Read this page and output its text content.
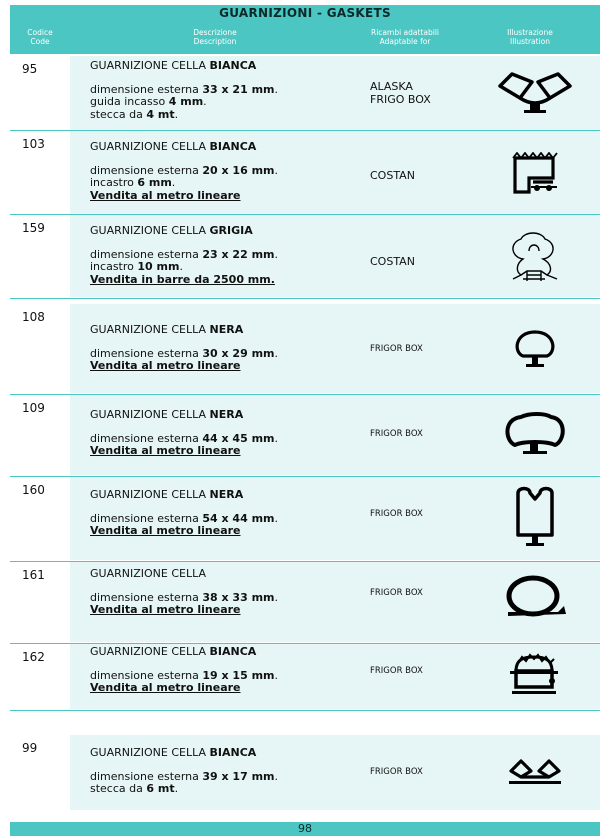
GUARNIZIONI - GASKETS
Codice
Code
Descrizione
Description
Ricambi adattabili
Adaptable for
Illustrazione
Illustration
95	GUARNIZIONE CELLA BIANCA
dimensione esterna 33 x 21 mm.
guida incasso 4 mm.
stecca da 4 mt.
ALASKA
FRIGO BOX
103	GUARNIZIONE CELLA BIANCA
dimensione esterna 20 x 16 mm.
incastro 6 mm.
Vendita al metro lineare
COSTAN
159	GUARNIZIONE CELLA GRIGIA
dimensione esterna 23 x 22 mm.
incastro 10 mm.
Vendita in barre da 2500 mm.
COSTAN
108
GUARNIZIONE CELLA NERA
dimensione esterna 30 x 29 mm.
Vendita al metro lineare
FRIGOR BOX
109	GUARNIZIONE CELLA NERA
dimensione esterna 44 x 45 mm.
Vendita al metro lineare
FRIGOR BOX
160	GUARNIZIONE CELLA NERA
dimensione esterna 54 x 44 mm.
Vendita al metro lineare
FRIGOR BOX
161	GUARNIZIONE CELLA
dimensione esterna 38 x 33 mm.
Vendita al metro lineare
FRIGOR BOX
162	GUARNIZIONE CELLA BIANCA
dimensione esterna 19 x 15 mm.
Vendita al metro lineare
FRIGOR BOX
99	GUARNIZIONE CELLA BIANCA
dimensione esterna 39 x 17 mm.
stecca da 6 mt.
FRIGOR BOX
98
